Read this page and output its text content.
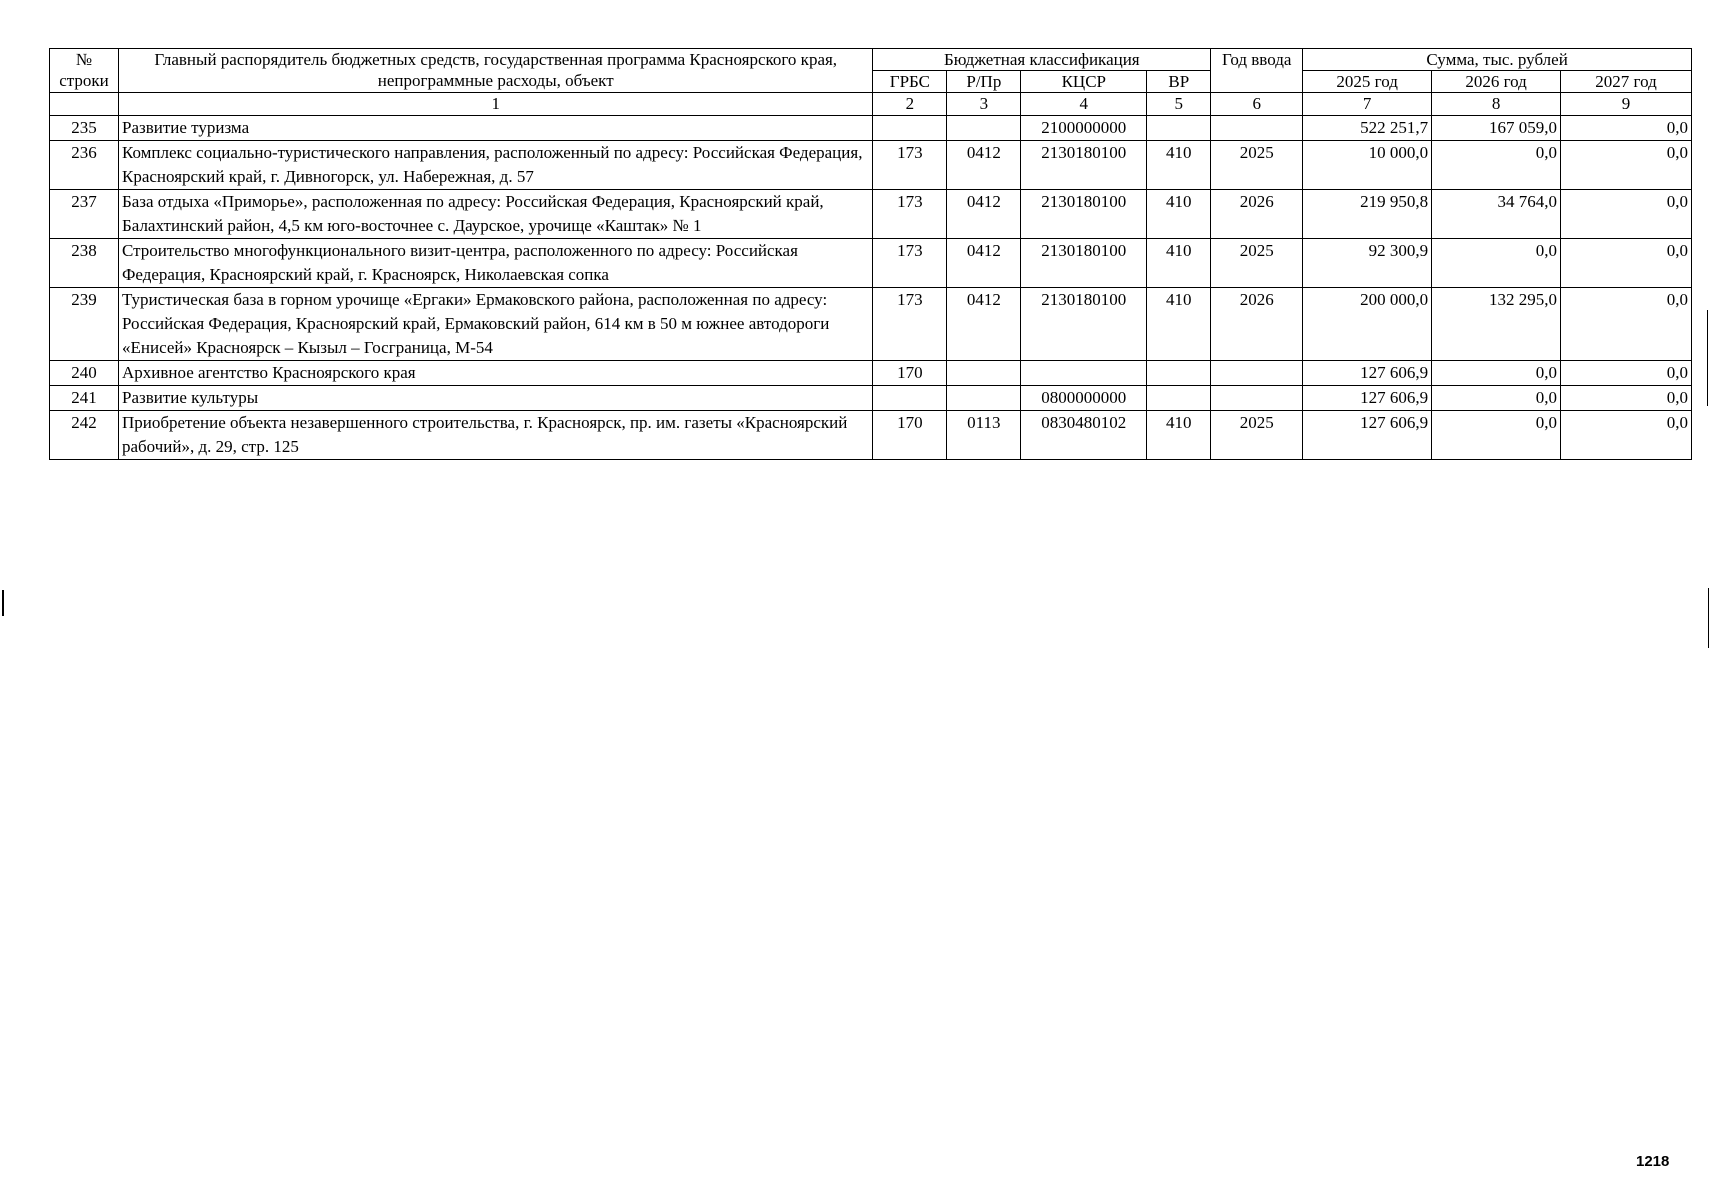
№
строки	Главный распорядитель бюджетных средств, государственная программа Красноярского края, непрограммные расходы, объект	Бюджетная классификация				Год ввода	Сумма, тыс. рублей		
		ГРБС	Р/Пр	КЦСР	ВР		2025 год	2026 год	2027 год
	1	2	3	4	5	6	7	8	9
235	Развитие туризма			2100000000			522 251,7	167 059,0	0,0
236	Комплекс социально-туристического направления, расположенный по адресу: Российская Федерация, Красноярский край, г. Дивногорск, ул. Набережная, д. 57	173	0412	2130180100	410	2025	10 000,0	0,0	0,0
237	База отдыха «Приморье», расположенная по адресу: Российская Федерация, Красноярский край, Балахтинский район, 4,5 км юго-восточнее с. Даурское, урочище «Каштак» № 1	173	0412	2130180100	410	2026	219 950,8	34 764,0	0,0
238	Строительство многофункционального визит-центра, расположенного по адресу: Российская Федерация, Красноярский край, г. Красноярск, Николаевская сопка	173	0412	2130180100	410	2025	92 300,9	0,0	0,0
239	Туристическая база в горном урочище «Ергаки» Ермаковского района, расположенная по адресу: Российская Федерация, Красноярский край, Ермаковский район, 614 км в 50 м южнее автодороги «Енисей» Красноярск – Кызыл – Госграница, М-54	173	0412	2130180100	410	2026	200 000,0	132 295,0	0,0
240	Архивное агентство Красноярского края	170					127 606,9	0,0	0,0
241	Развитие культуры			0800000000			127 606,9	0,0	0,0
242	Приобретение объекта незавершенного строительства, г. Красноярск, пр. им. газеты «Красноярский рабочий», д. 29, стр. 125	170	0113	0830480102	410	2025	127 606,9	0,0	0,0
1218
